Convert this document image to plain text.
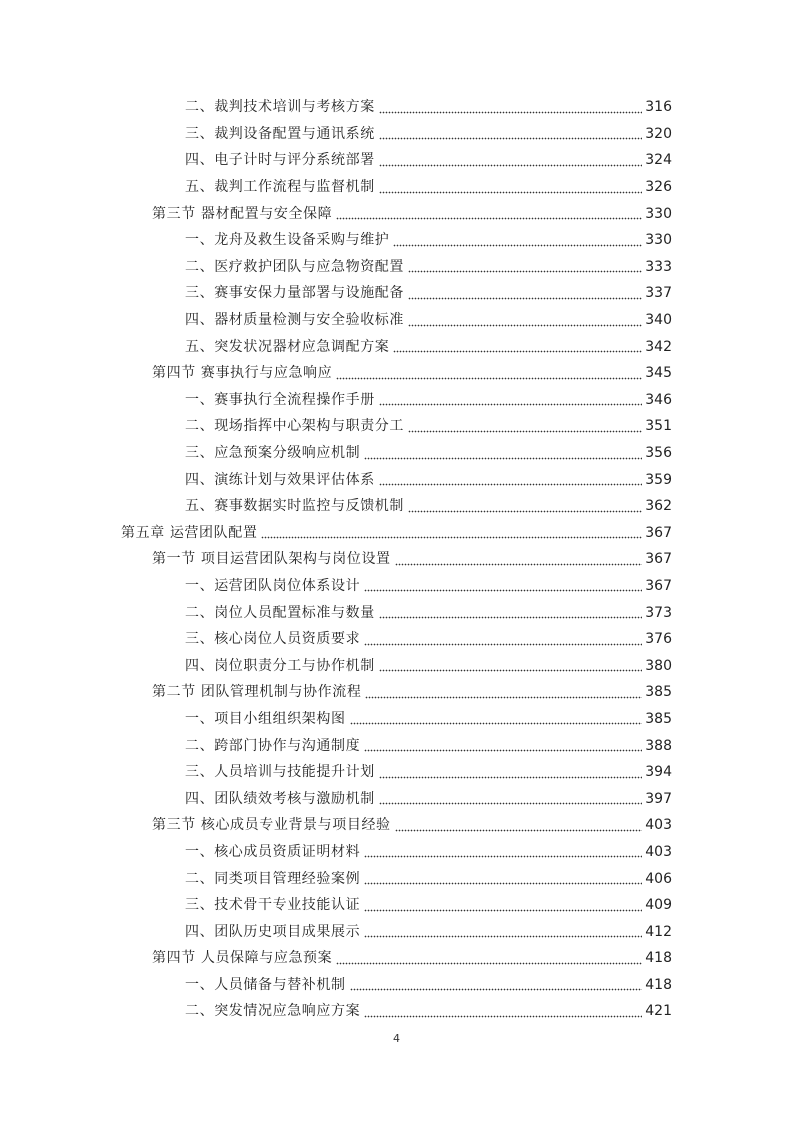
二、裁判技术培训与考核方案	316
三、裁判设备配置与通讯系统	320
四、电子计时与评分系统部署	324
五、裁判工作流程与监督机制	326
第三节 器材配置与安全保障	330
一、龙舟及救生设备采购与维护	330
二、医疗救护团队与应急物资配置	333
三、赛事安保力量部署与设施配备	337
四、器材质量检测与安全验收标准	340
五、突发状况器材应急调配方案	342
第四节 赛事执行与应急响应	345
一、赛事执行全流程操作手册	346
二、现场指挥中心架构与职责分工	351
三、应急预案分级响应机制	356
四、演练计划与效果评估体系	359
五、赛事数据实时监控与反馈机制	362
第五章 运营团队配置	367
第一节 项目运营团队架构与岗位设置	367
一、运营团队岗位体系设计	367
二、岗位人员配置标准与数量	373
三、核心岗位人员资质要求	376
四、岗位职责分工与协作机制	380
第二节 团队管理机制与协作流程	385
一、项目小组组织架构图	385
二、跨部门协作与沟通制度	388
三、人员培训与技能提升计划	394
四、团队绩效考核与激励机制	397
第三节 核心成员专业背景与项目经验	403
一、核心成员资质证明材料	403
二、同类项目管理经验案例	406
三、技术骨干专业技能认证	409
四、团队历史项目成果展示	412
第四节 人员保障与应急预案	418
一、人员储备与替补机制	418
二、突发情况应急响应方案	421
4
